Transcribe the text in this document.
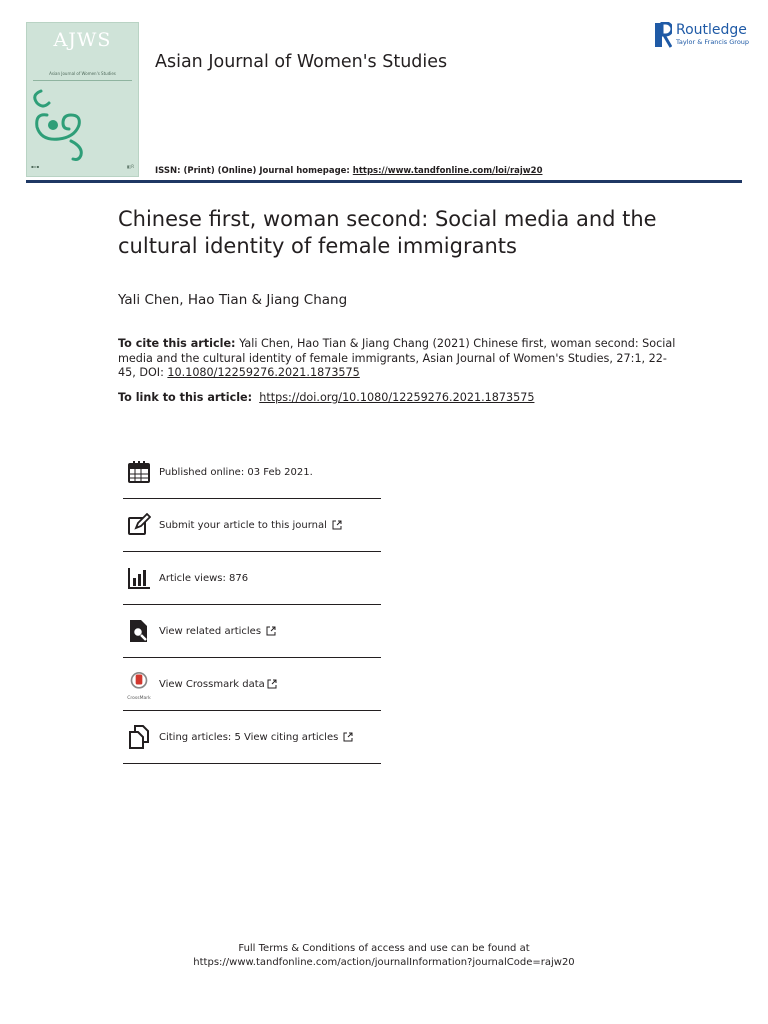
AJWS
Asian Journal of Women's Studies
▪▫▪	▮▯R
Asian Journal of Women's Studies
Routledge
Taylor & Francis Group
ISSN: (Print) (Online) Journal homepage: https://www.tandfonline.com/loi/rajw20
Chinese first, woman second: Social media and the cultural identity of female immigrants
Yali Chen, Hao Tian & Jiang Chang
To cite this article: Yali Chen, Hao Tian & Jiang Chang (2021) Chinese first, woman second: Social media and the cultural identity of female immigrants, Asian Journal of Women's Studies, 27:1, 22-45, DOI: 10.1080/12259276.2021.1873575
To link to this article: https://doi.org/10.1080/12259276.2021.1873575
Published online: 03 Feb 2021.
Submit your article to this journal
Article views: 876
View related articles
CrossMark
View Crossmark data
Citing articles: 5 View citing articles
Full Terms & Conditions of access and use can be found at
https://www.tandfonline.com/action/journalInformation?journalCode=rajw20
